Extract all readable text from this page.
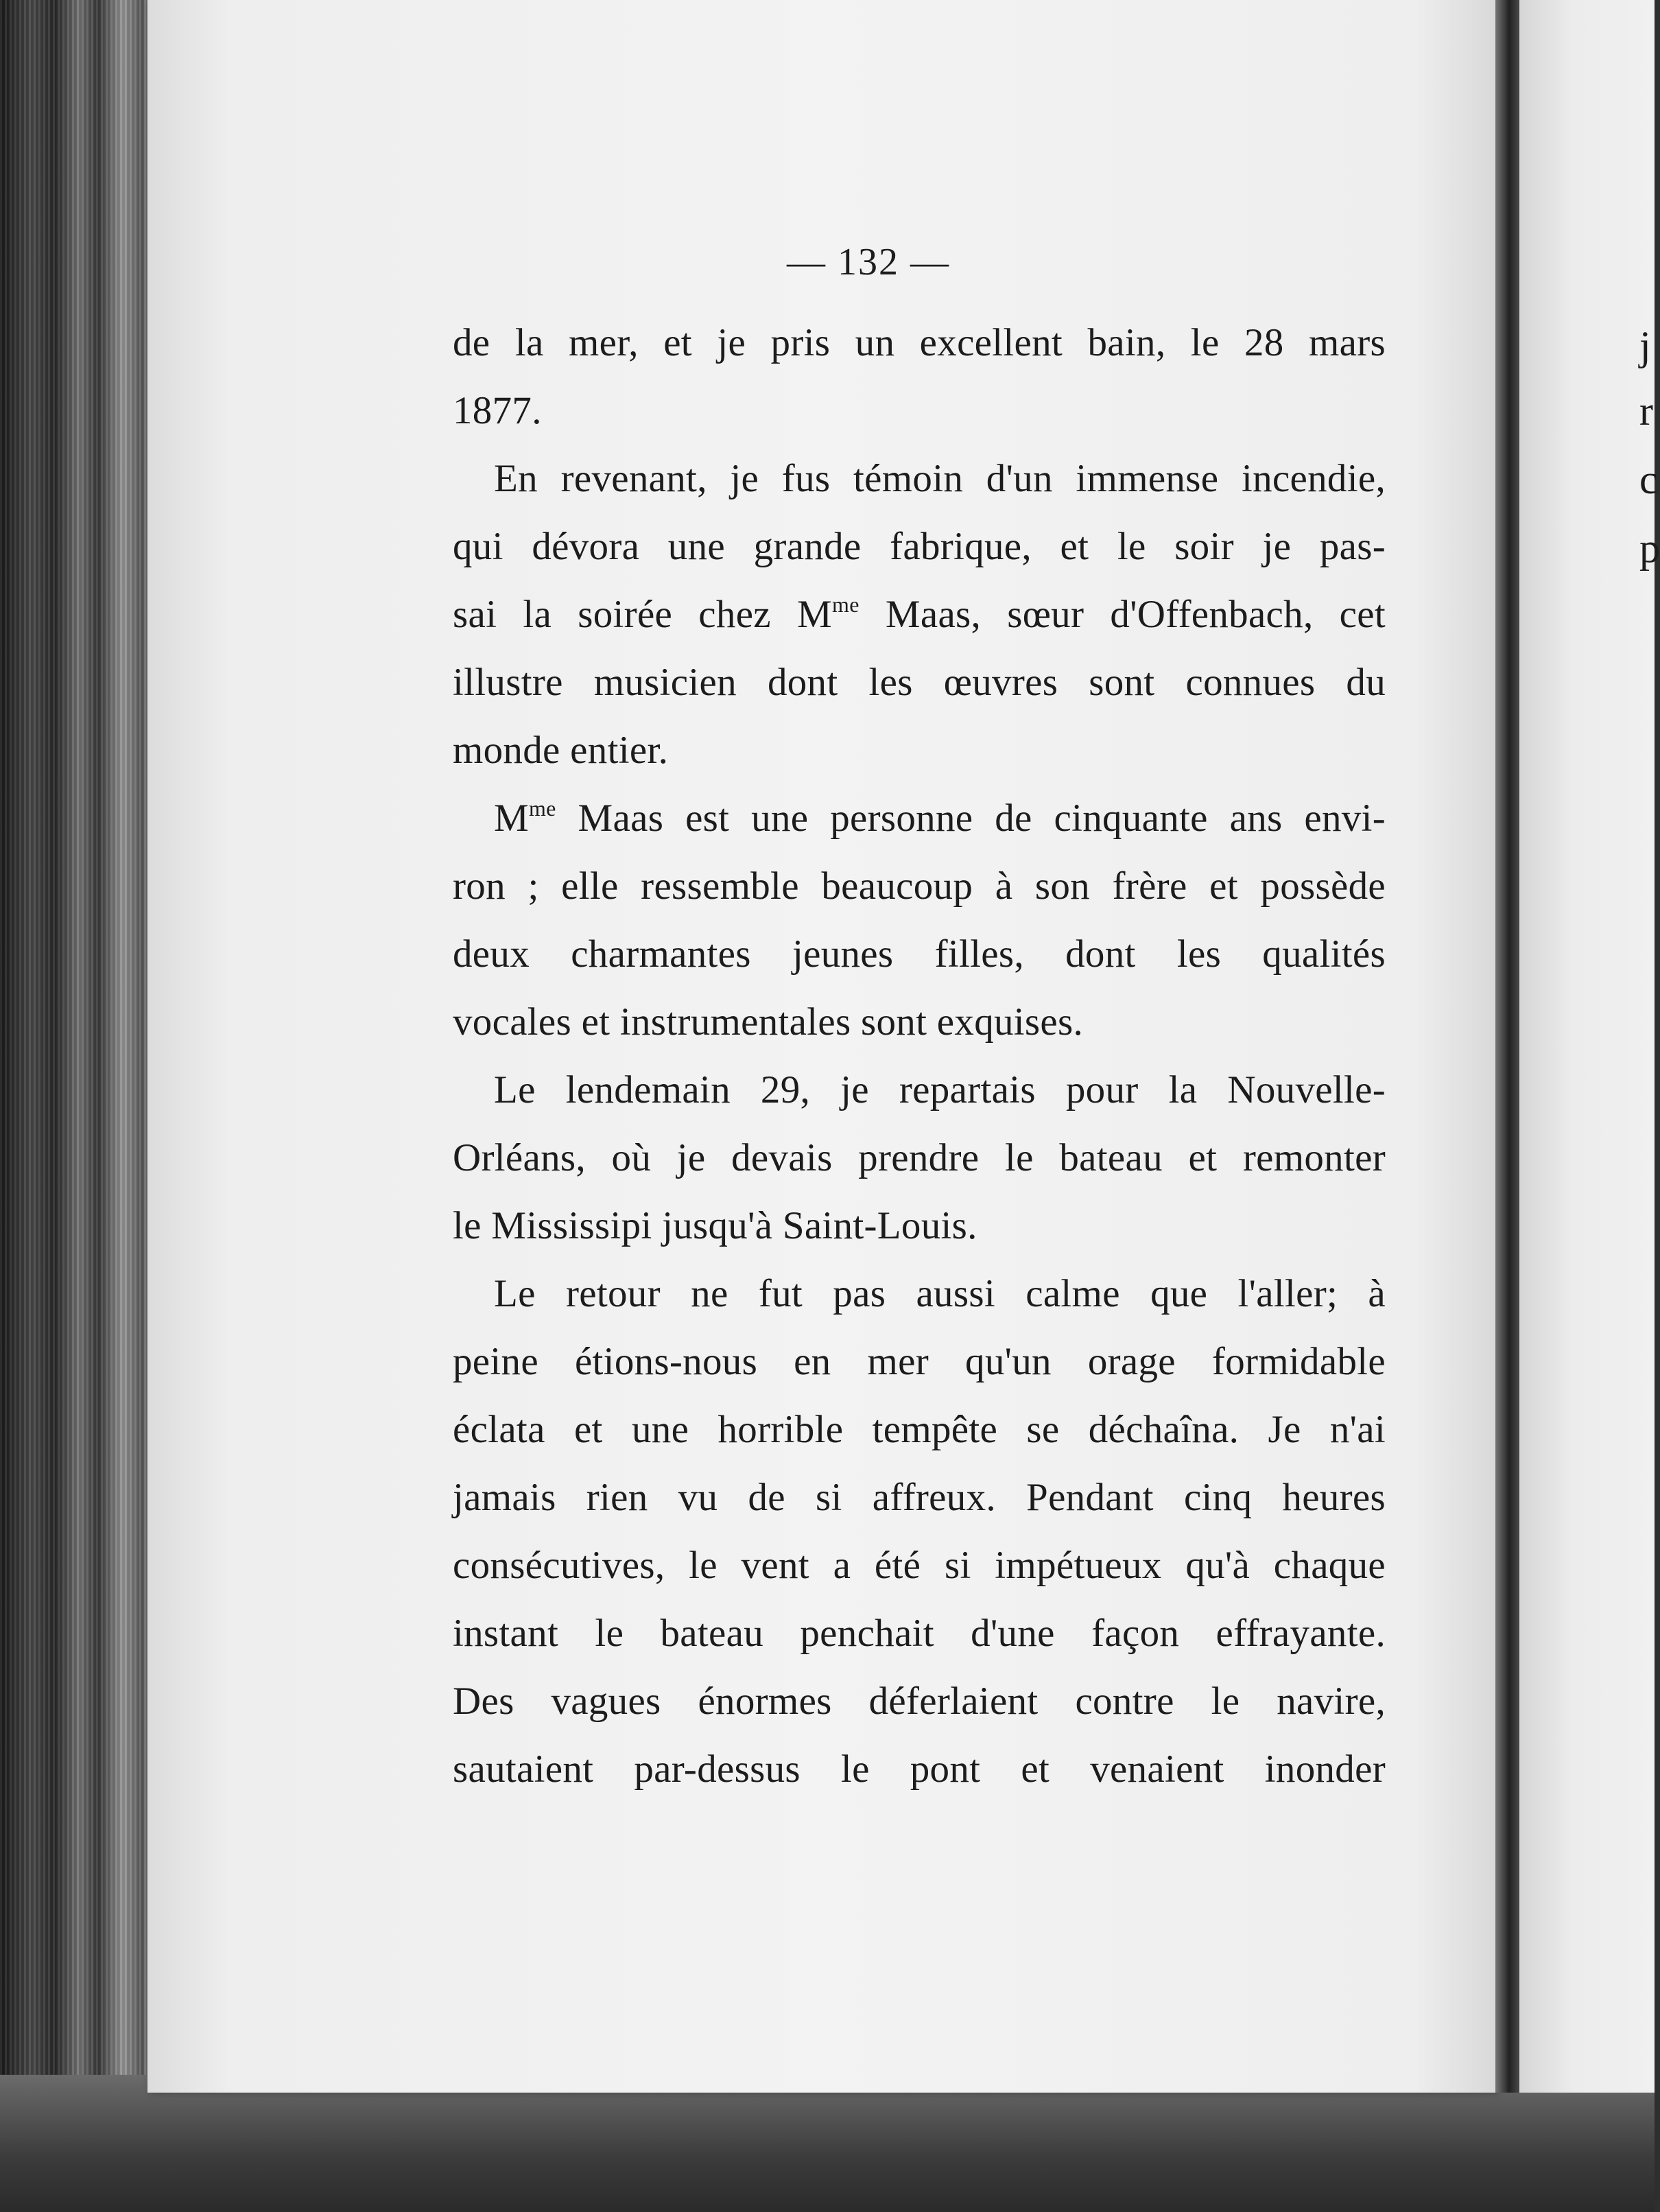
j
r
c
p
— 132 —
de la mer, et je pris un excellent bain, le 28 mars
1877.
En revenant, je fus témoin d'un immense incendie,
qui dévora une grande fabrique, et le soir je pas-
sai la soirée chez $M^{me}$ Maas, sœur d'Offenbach, cet
illustre musicien dont les œuvres sont connues du
monde entier.
$M^{me}$ Maas est une personne de cinquante ans envi-
ron ; elle ressemble beaucoup à son frère et possède
deux charmantes jeunes filles, dont les qualités
vocales et instrumentales sont exquises.
Le lendemain 29, je repartais pour la Nouvelle-
Orléans, où je devais prendre le bateau et remonter
le Mississipi jusqu'à Saint-Louis.
Le retour ne fut pas aussi calme que l'aller; à
peine étions-nous en mer qu'un orage formidable
éclata et une horrible tempête se déchaîna. Je n'ai
jamais rien vu de si affreux. Pendant cinq heures
consécutives, le vent a été si impétueux qu'à chaque
instant le bateau penchait d'une façon effrayante.
Des vagues énormes déferlaient contre le navire,
sautaient par-dessus le pont et venaient inonder
